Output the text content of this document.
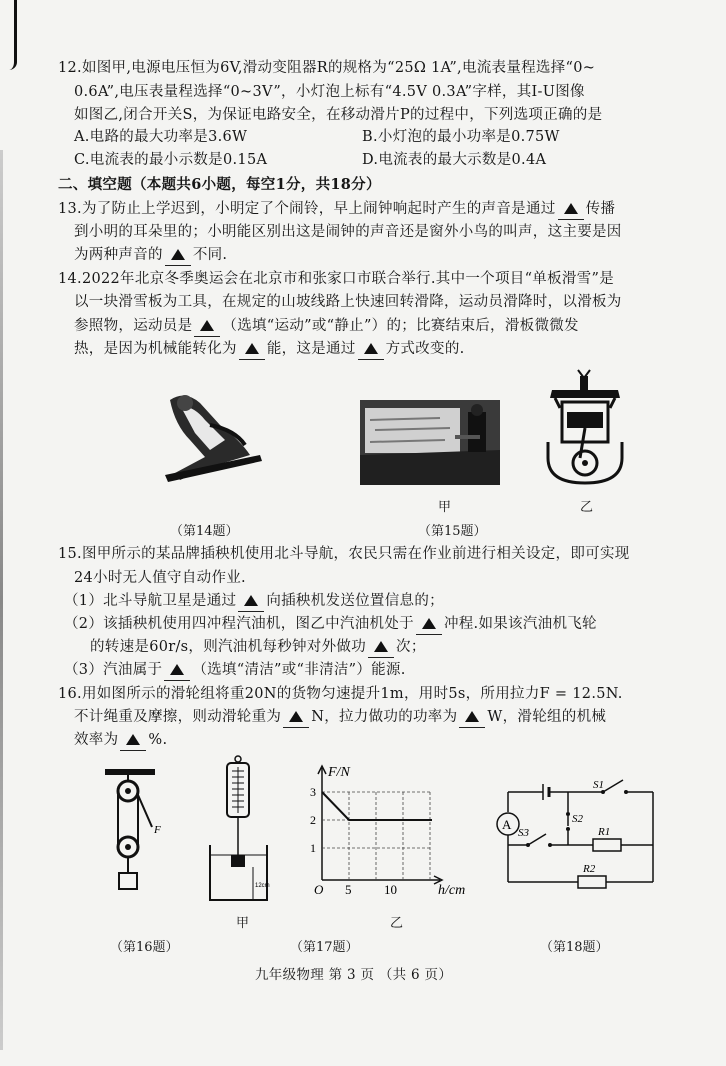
12.如图甲,电源电压恒为6V,滑动变阻器R的规格为“25Ω 1A”,电流表量程选择“0~
0.6A”,电压表量程选择“0~3V”，小灯泡上标有“4.5V 0.3A”字样，其I-U图像
如图乙,闭合开关S，为保证电路安全，在移动滑片P的过程中，下列选项正确的是
A.电路的最大功率是3.6W	B.小灯泡的最小功率是0.75W
C.电流表的最小示数是0.15A	D.电流表的最大示数是0.4A
二、填空题（本题共6小题，每空1分，共18分）
13.为了防止上学迟到，小明定了个闹铃，早上闹钟响起时产生的声音是通过 传播
到小明的耳朵里的；小明能区别出这是闹钟的声音还是窗外小鸟的叫声，这主要是因
为两种声音的 不同.
14.2022年北京冬季奥运会在北京市和张家口市联合举行.其中一个项目“单板滑雪”是
以一块滑雪板为工具，在规定的山坡线路上快速回转滑降，运动员滑降时，以滑板为
参照物，运动员是 （选填“运动”或“静止”）的；比赛结束后，滑板微微发
热，是因为机械能转化为 能，这是通过 方式改变的.
甲	乙
（第14题）	（第15题）
15.图甲所示的某品牌插秧机使用北斗导航，农民只需在作业前进行相关设定，即可实现
24小时无人值守自动作业.
（1）北斗导航卫星是通过 向插秧机发送位置信息的；
（2）该插秧机使用四冲程汽油机，图乙中汽油机处于 冲程.如果该汽油机飞轮
的转速是60r/s，则汽油机每秒钟对外做功 次；
（3）汽油属于 （选填“清洁”或“非清洁”）能源.
16.用如图所示的滑轮组将重20N的货物匀速提升1m，用时5s，所用拉力F = 12.5N.
不计绳重及摩擦，则动滑轮重为 N，拉力做功的功率为 W，滑轮组的机械
效率为 %.
F
12cm
甲
F/N
3
2
1
O 5	10	h/cm
乙
A
S1
S2
S3	R1
R2
（第16题）	（第17题）	（第18题）
九年级物理 第 3 页 （共 6 页）
